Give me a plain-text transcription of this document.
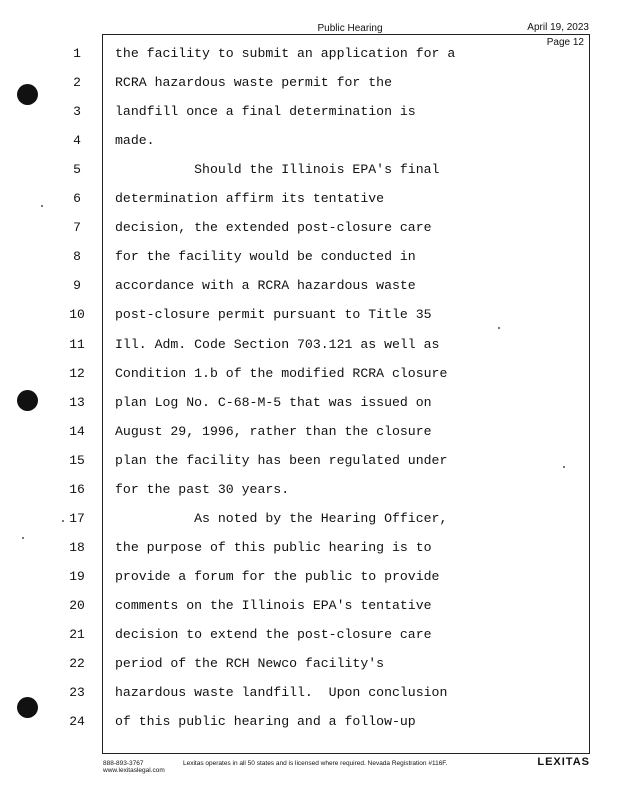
Public Hearing	April 19, 2023
Page 12
1	the facility to submit an application for a
2	RCRA hazardous waste permit for the
3	landfill once a final determination is
4	made.
5	Should the Illinois EPA's final
6	determination affirm its tentative
7	decision, the extended post-closure care
8	for the facility would be conducted in
9	accordance with a RCRA hazardous waste
10	post-closure permit pursuant to Title 35
11	Ill. Adm. Code Section 703.121 as well as
12	Condition 1.b of the modified RCRA closure
13	plan Log No. C-68-M-5 that was issued on
14	August 29, 1996, rather than the closure
15	plan the facility has been regulated under
16	for the past 30 years.
17	As noted by the Hearing Officer,
18	the purpose of this public hearing is to
19	provide a forum for the public to provide
20	comments on the Illinois EPA's tentative
21	decision to extend the post-closure care
22	period of the RCH Newco facility's
23	hazardous waste landfill.  Upon conclusion
24	of this public hearing and a follow-up
888-893-3767
www.lexitaslegal.com
Lexitas operates in all 50 states and is licensed where required. Nevada Registration #116F.	LEXITAS
